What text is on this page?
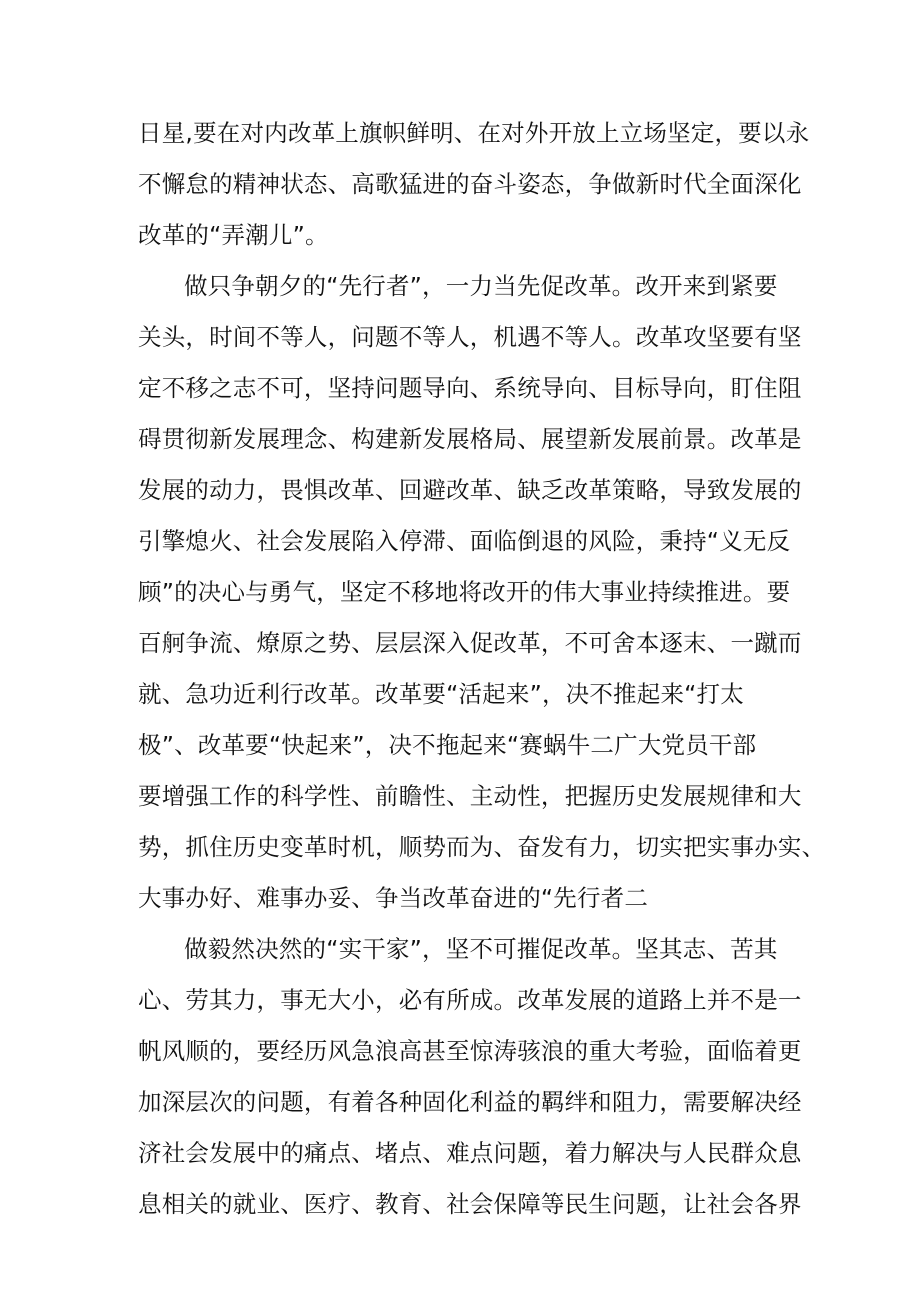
日星,要在对内改革上旗帜鲜明、在对外开放上立场坚定，要以永
不懈怠的精神状态、高歌猛进的奋斗姿态，争做新时代全面深化
改革的“弄潮儿”。
做只争朝夕的“先行者”，一力当先促改革。改开来到紧要
关头，时间不等人，问题不等人，机遇不等人。改革攻坚要有坚
定不移之志不可，坚持问题导向、系统导向、目标导向，盯住阻
碍贯彻新发展理念、构建新发展格局、展望新发展前景。改革是
发展的动力，畏惧改革、回避改革、缺乏改革策略，导致发展的
引擎熄火、社会发展陷入停滞、面临倒退的风险，秉持“义无反
顾”的决心与勇气，坚定不移地将改开的伟大事业持续推进。要
百舸争流、燎原之势、层层深入促改革，不可舍本逐末、一蹴而
就、急功近利行改革。改革要“活起来”，决不推起来“打太
极”、改革要“快起来”，决不拖起来“赛蜗牛二广大党员干部
要增强工作的科学性、前瞻性、主动性，把握历史发展规律和大
势，抓住历史变革时机，顺势而为、奋发有力，切实把实事办实、
大事办好、难事办妥、争当改革奋进的“先行者二
做毅然决然的“实干家”，坚不可摧促改革。坚其志、苦其
心、劳其力，事无大小，必有所成。改革发展的道路上并不是一
帆风顺的，要经历风急浪高甚至惊涛骇浪的重大考验，面临着更
加深层次的问题，有着各种固化利益的羁绊和阻力，需要解决经
济社会发展中的痛点、堵点、难点问题，着力解决与人民群众息
息相关的就业、医疗、教育、社会保障等民生问题，让社会各界
